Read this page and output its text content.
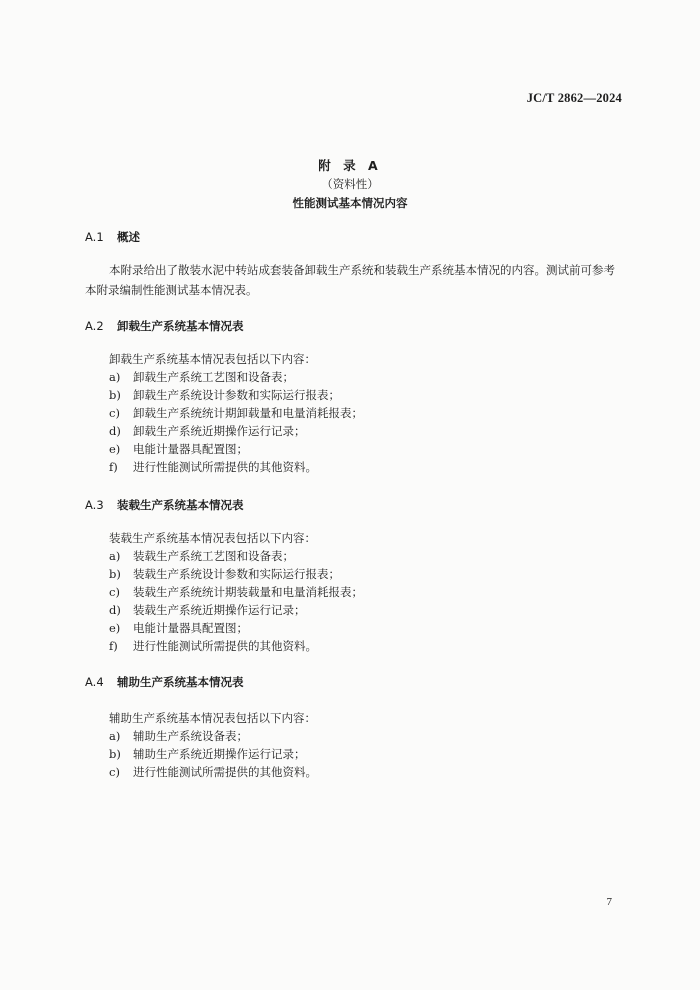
JC/T 2862—2024
附 录 A
（资料性）
性能测试基本情况内容
A.1 概述

本附录给出了散装水泥中转站成套装备卸载生产系统和装载生产系统基本情况的内容。测试前可参考本附录编制性能测试基本情况表。

A.2 卸载生产系统基本情况表
卸载生产系统基本情况表包括以下内容：
a)	卸载生产系统工艺图和设备表；
b)	卸载生产系统设计参数和实际运行报表；
c)	卸载生产系统统计期卸载量和电量消耗报表；
d)	卸载生产系统近期操作运行记录；
e)	电能计量器具配置图；
f)	进行性能测试所需提供的其他资料。
A.3 装载生产系统基本情况表
装载生产系统基本情况表包括以下内容：
a)	装载生产系统工艺图和设备表；
b)	装载生产系统设计参数和实际运行报表；
c)	装载生产系统统计期装载量和电量消耗报表；
d)	装载生产系统近期操作运行记录；
e)	电能计量器具配置图；
f)	进行性能测试所需提供的其他资料。
A.4 辅助生产系统基本情况表
辅助生产系统基本情况表包括以下内容：
a)	辅助生产系统设备表；
b)	辅助生产系统近期操作运行记录；
c)	进行性能测试所需提供的其他资料。
7
